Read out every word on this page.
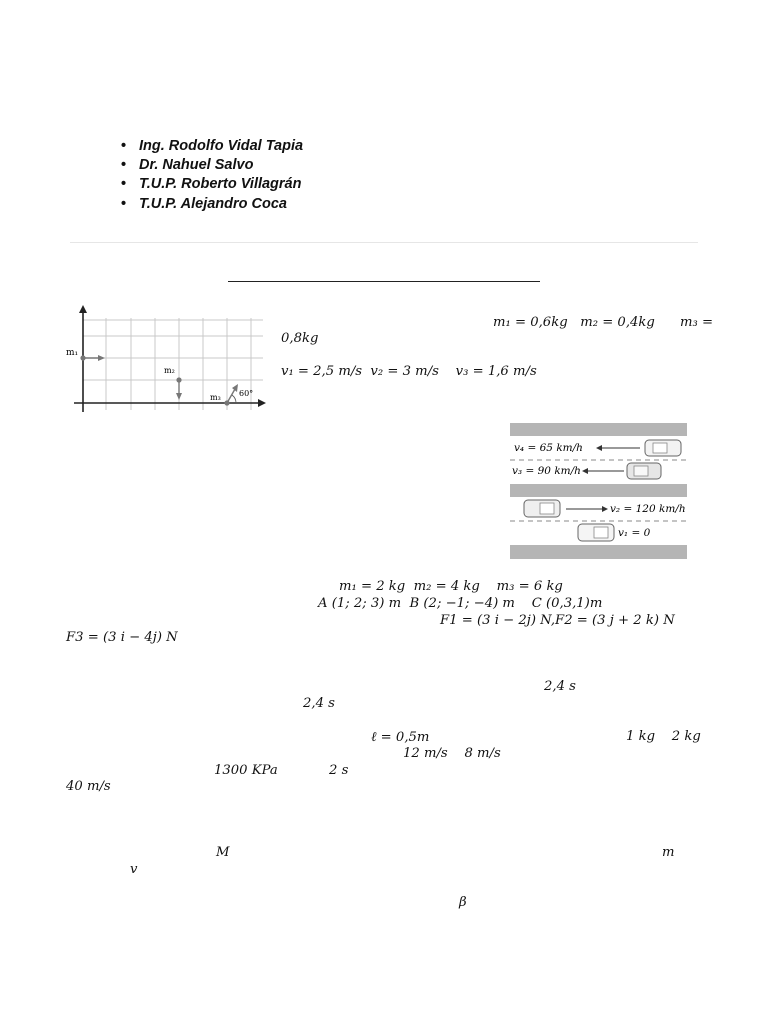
• Ing. Rodolfo Vidal Tapia
• Dr. Nahuel Salvo
• T.U.P. Roberto Villagrán
• T.U.P. Alejandro Coca
m₁
m₂
m₃ 60°
m₁ = 0,6kg   m₂ = 0,4kg      m₃ =
0,8kg
v₁ = 2,5 m/s  v₂ = 3 m/s    v₃ = 1,6 m/s
v₄ = 65 km/h
v₃ = 90 km/h
v₂ = 120 km/h
v₁ = 0
m₁ = 2 kg  m₂ = 4 kg    m₃ = 6 kg
A (1; 2; 3) m  B (2; −1; −4) m    C (0,3,1)m
F1 = (3 i − 2j) N,F2 = (3 j + 2 k) N
F3 = (3 i − 4j) N
2,4 s
2,4 s
ℓ = 0,5m	1 kg    2 kg
12 m/s    8 m/s
1300 KPa	2 s
40 m/s
M	m
v
β
